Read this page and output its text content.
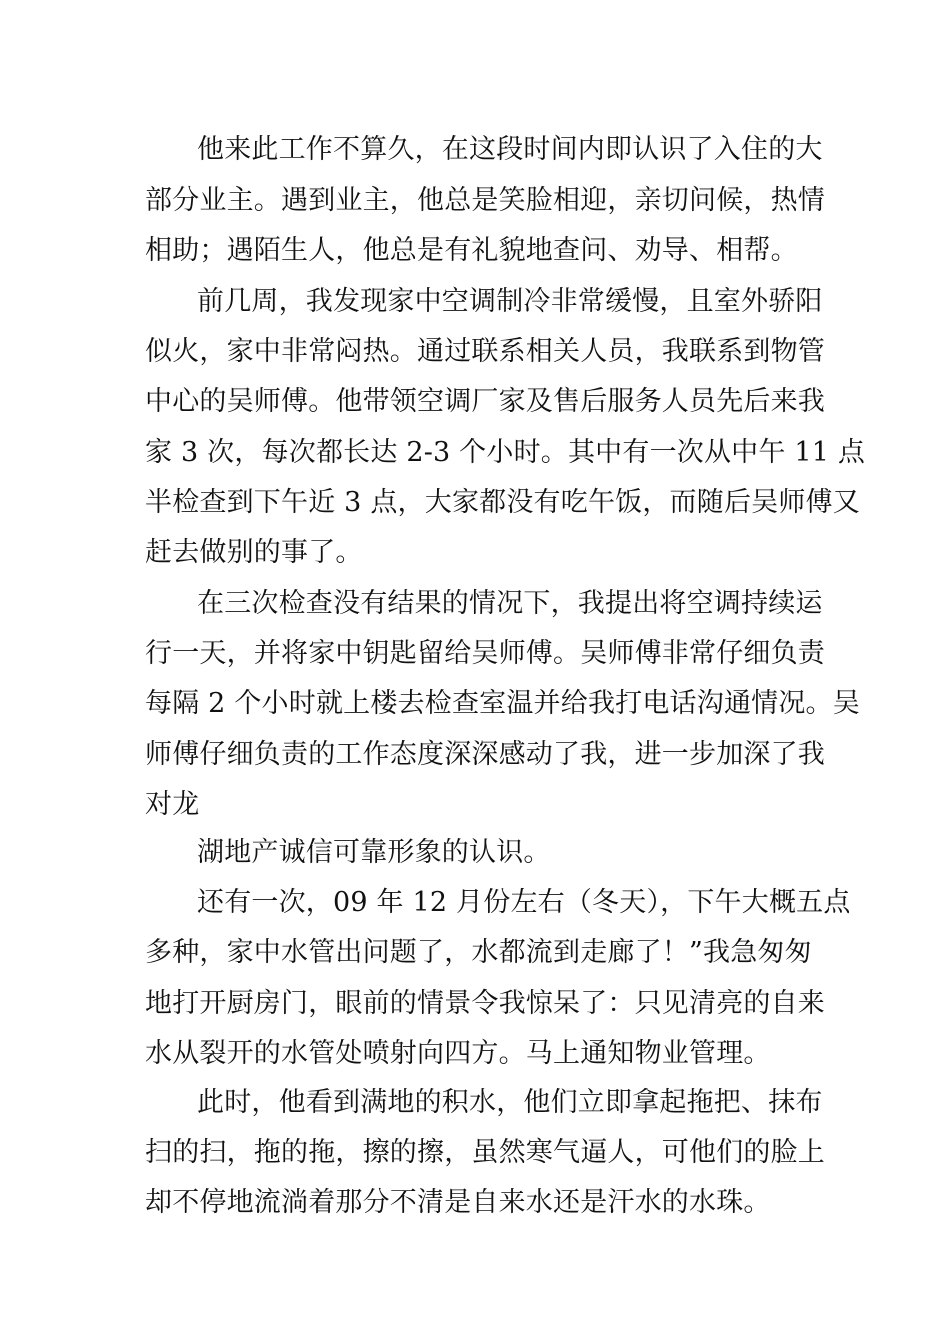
他来此工作不算久，在这段时间内即认识了入住的大
部分业主。遇到业主，他总是笑脸相迎，亲切问候，热情
相助；遇陌生人，他总是有礼貌地查问、劝导、相帮。
前几周，我发现家中空调制冷非常缓慢，且室外骄阳
似火，家中非常闷热。通过联系相关人员，我联系到物管
中心的吴师傅。他带领空调厂家及售后服务人员先后来我
家 3 次，每次都长达 2-3 个小时。其中有一次从中午 11 点
半检查到下午近 3 点，大家都没有吃午饭，而随后吴师傅又
赶去做别的事了。
在三次检查没有结果的情况下，我提出将空调持续运
行一天，并将家中钥匙留给吴师傅。吴师傅非常仔细负责
每隔 2 个小时就上楼去检查室温并给我打电话沟通情况。吴
师傅仔细负责的工作态度深深感动了我，进一步加深了我
对龙
湖地产诚信可靠形象的认识。
还有一次，09 年 12 月份左右（冬天），下午大概五点
多种，家中水管出问题了，水都流到走廊了！”我急匆匆
地打开厨房门，眼前的情景令我惊呆了：只见清亮的自来
水从裂开的水管处喷射向四方。马上通知物业管理。
此时，他看到满地的积水，他们立即拿起拖把、抹布
扫的扫，拖的拖，擦的擦，虽然寒气逼人，可他们的脸上
却不停地流淌着那分不清是自来水还是汗水的水珠。
